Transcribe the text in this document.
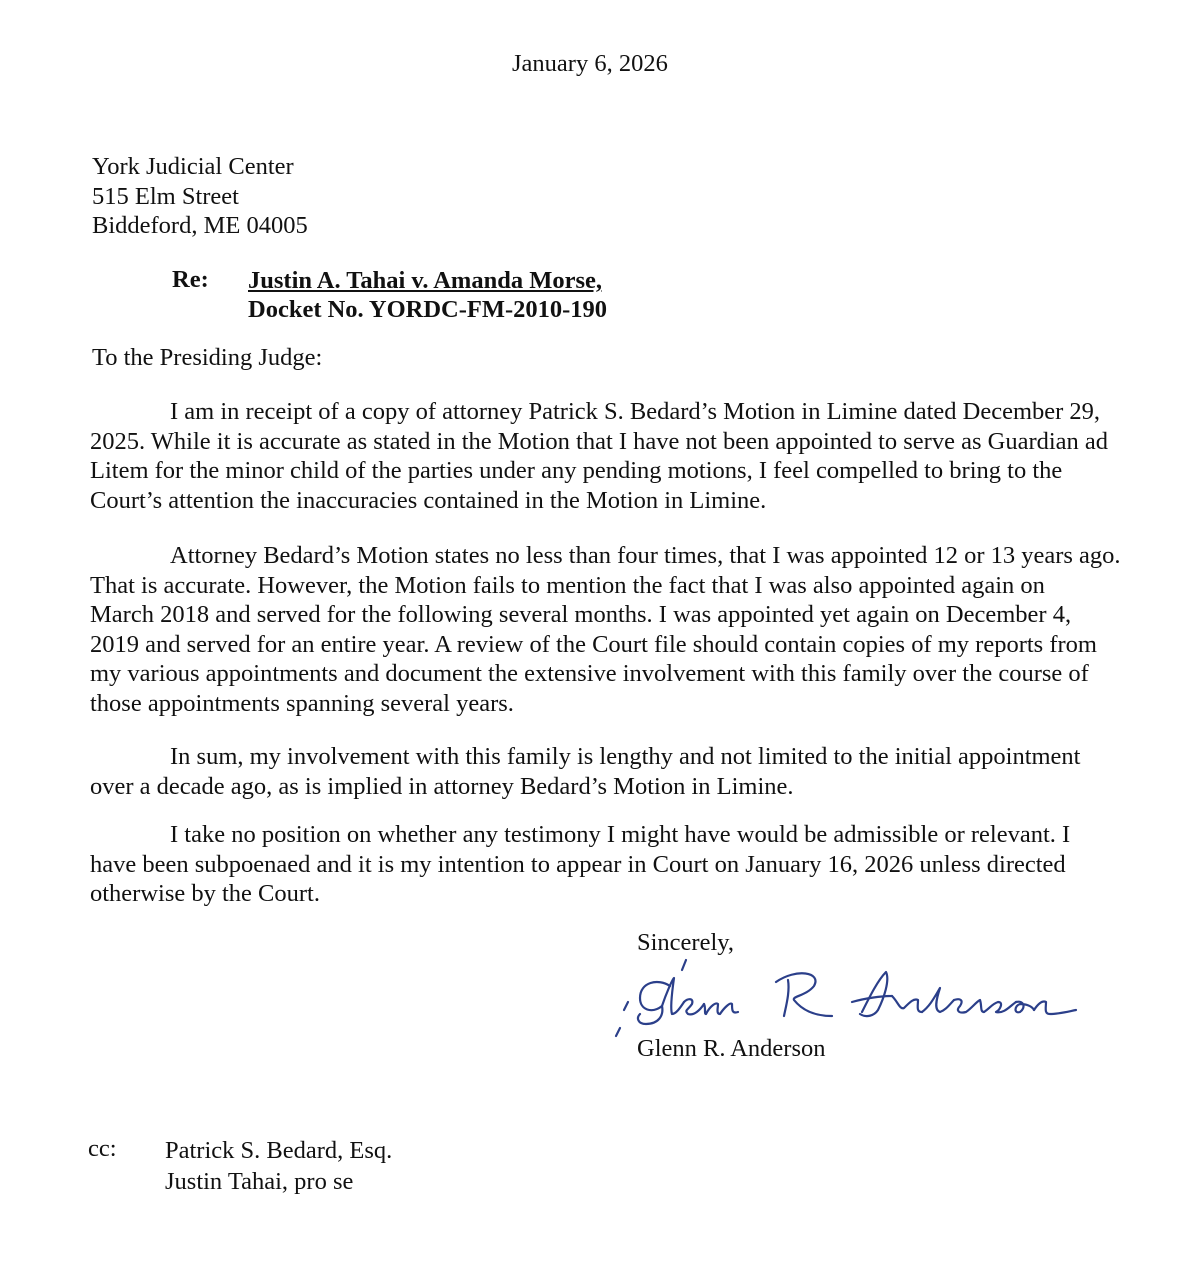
January 6, 2026
York Judicial Center
515 Elm Street
Biddeford, ME 04005
Re: Justin A. Tahai v. Amanda Morse,
Docket No. YORDC-FM-2010-190
To the Presiding Judge:
I am in receipt of a copy of attorney Patrick S. Bedard’s Motion in Limine dated December 29,
2025. While it is accurate as stated in the Motion that I have not been appointed to serve as Guardian ad
Litem for the minor child of the parties under any pending motions, I feel compelled to bring to the
Court’s attention the inaccuracies contained in the Motion in Limine.
Attorney Bedard’s Motion states no less than four times, that I was appointed 12 or 13 years ago.
That is accurate. However, the Motion fails to mention the fact that I was also appointed again on
March 2018 and served for the following several months. I was appointed yet again on December 4,
2019 and served for an entire year. A review of the Court file should contain copies of my reports from
my various appointments and document the extensive involvement with this family over the course of
those appointments spanning several years.
In sum, my involvement with this family is lengthy and not limited to the initial appointment
over a decade ago, as is implied in attorney Bedard’s Motion in Limine.
I take no position on whether any testimony I might have would be admissible or relevant. I
have been subpoenaed and it is my intention to appear in Court on January 16, 2026 unless directed
otherwise by the Court.
Sincerely,
Glenn R. Anderson
cc: Patrick S. Bedard, Esq.
Justin Tahai, pro se
